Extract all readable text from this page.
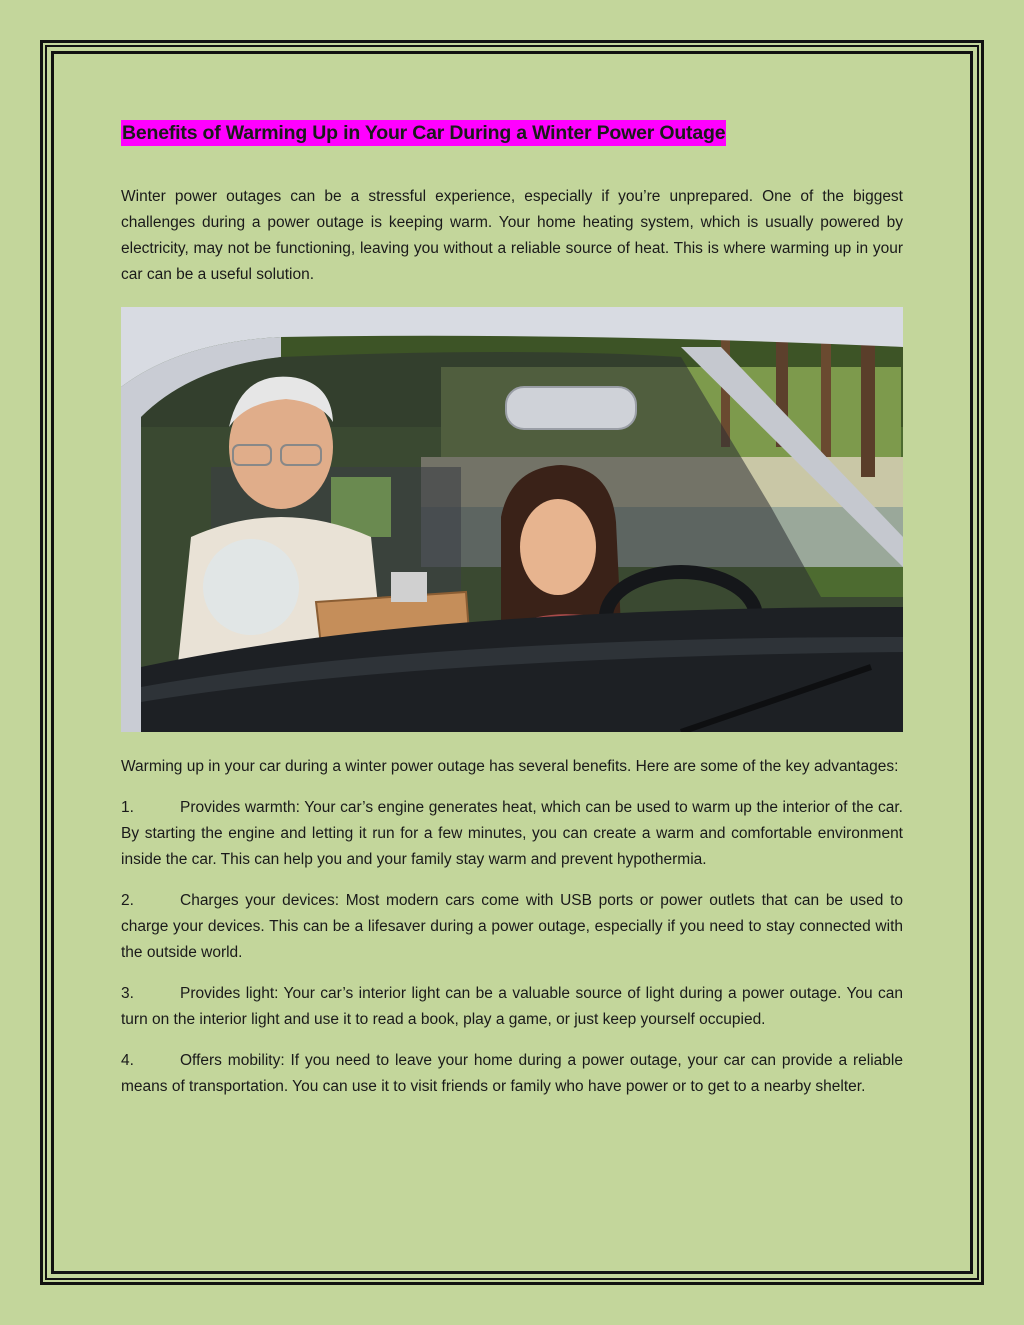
Benefits of Warming Up in Your Car During a Winter Power Outage

Winter power outages can be a stressful experience, especially if you’re unprepared. One of the biggest challenges during a power outage is keeping warm. Your home heating system, which is usually powered by electricity, may not be functioning, leaving you without a reliable source of heat. This is where warming up in your car can be a useful solution.

Warming up in your car during a winter power outage has several benefits. Here are some of the key advantages:

1.	Provides warmth: Your car’s engine generates heat, which can be used to warm up the interior of the car. By starting the engine and letting it run for a few minutes, you can create a warm and comfortable environment inside the car. This can help you and your family stay warm and prevent hypothermia.

2.	Charges your devices: Most modern cars come with USB ports or power outlets that can be used to charge your devices. This can be a lifesaver during a power outage, especially if you need to stay connected with the outside world.

3.	Provides light: Your car’s interior light can be a valuable source of light during a power outage. You can turn on the interior light and use it to read a book, play a game, or just keep yourself occupied.

4.	Offers mobility: If you need to leave your home during a power outage, your car can provide a reliable means of transportation. You can use it to visit friends or family who have power or to get to a nearby shelter.
